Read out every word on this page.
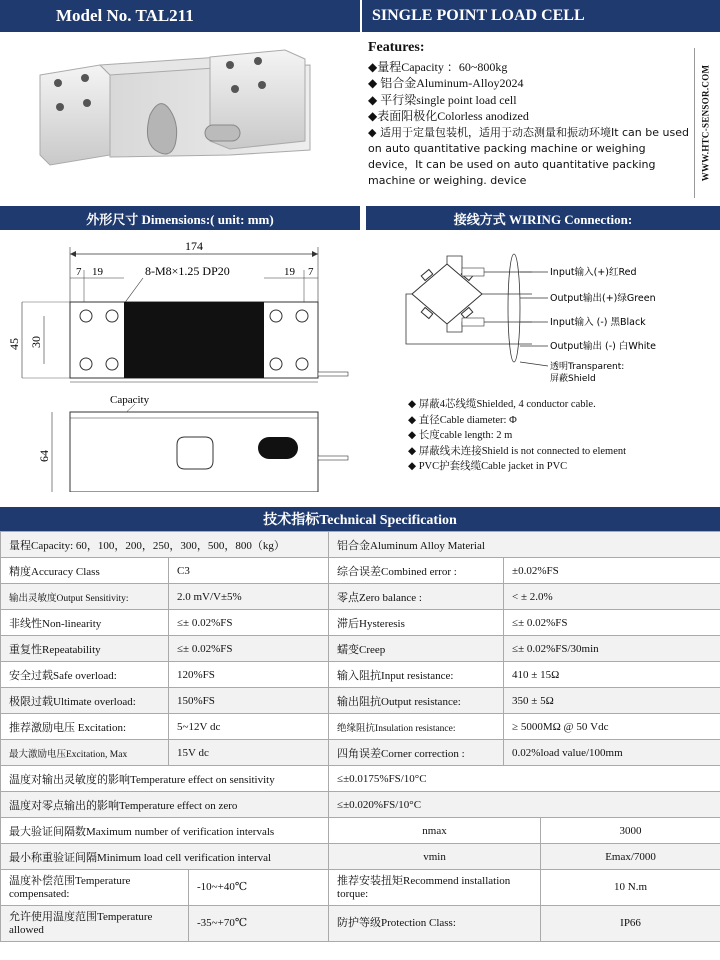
Model No. TAL211	SINGLE POINT LOAD CELL
Features:
◆量程Capacity ：60~800kg
◆ 铝合金Aluminum-Alloy2024
◆ 平行梁single point load cell
◆表面阳极化Colorless anodized
◆ 适用于定量包装机，适用于动态测量和振动环境It can be used on auto quantitative packing machine or weighing device，It can be used on auto quantitative packing machine or weighing. device	WWW.HTC-SENSOR.COM
外形尺寸 Dimensions:( unit: mm)	接线方式 WIRING Connection:
174
7 19	19 7
8-M8×1.25 DP20
45 30
Capacity
64
Input输入(+)红Red
Output输出(+)绿Green
Input输入 (-) 黑Black
Output输出 (-) 白White
透明Transparent:
屏蔽Shield
◆ 屏蔽4芯线缆Shielded, 4 conductor cable.
◆ 直径Cable diameter: Φ
◆ 长度cable length: 2 m
◆ 屏蔽线未连接Shield is not connected to element
◆ PVC护套线缆Cable jacket in PVC
技术指标Technical Specification
量程Capacity: 60，100，200，250，300，500，800（kg）			铝合金Aluminum Alloy Material		
精度Accuracy Class	C3		综合误差Combined error :	±0.02%FS	
输出灵敏度Output Sensitivity:	2.0 mV/V±5%		零点Zero balance :	< ± 2.0%	
非线性Non-linearity	≤± 0.02%FS		滞后Hysteresis	≤± 0.02%FS	
重复性Repeatability	≤± 0.02%FS		蠕变Creep	≤± 0.02%FS/30min	
安全过载Safe overload:	120%FS		输入阻抗Input resistance:	410 ± 15Ω	
极限过载Ultimate overload:	150%FS		输出阻抗Output resistance:	350 ± 5Ω	
推荐激励电压 Excitation:	5~12V dc		绝缘阻抗Insulation resistance:	≥ 5000MΩ @ 50 Vdc	
最大激励电压Excitation, Max	15V dc		四角误差Corner correction :	0.02%load value/100mm	
温度对输出灵敏度的影响Temperature effect on sensitivity			≤±0.0175%FS/10°C		
温度对零点输出的影响Temperature effect on zero			≤±0.020%FS/10°C		
最大验证间隔数Maximum number of verification intervals			nmax		3000
最小称重验证间隔Minimum load cell verification interval			vmin		Emax/7000
温度补偿范围Temperature compensated:		-10~+40℃	推荐安装扭矩Recommend installation torque:		10 N.m
允许使用温度范围Temperature allowed		-35~+70℃	防护等级Protection Class:		IP66
